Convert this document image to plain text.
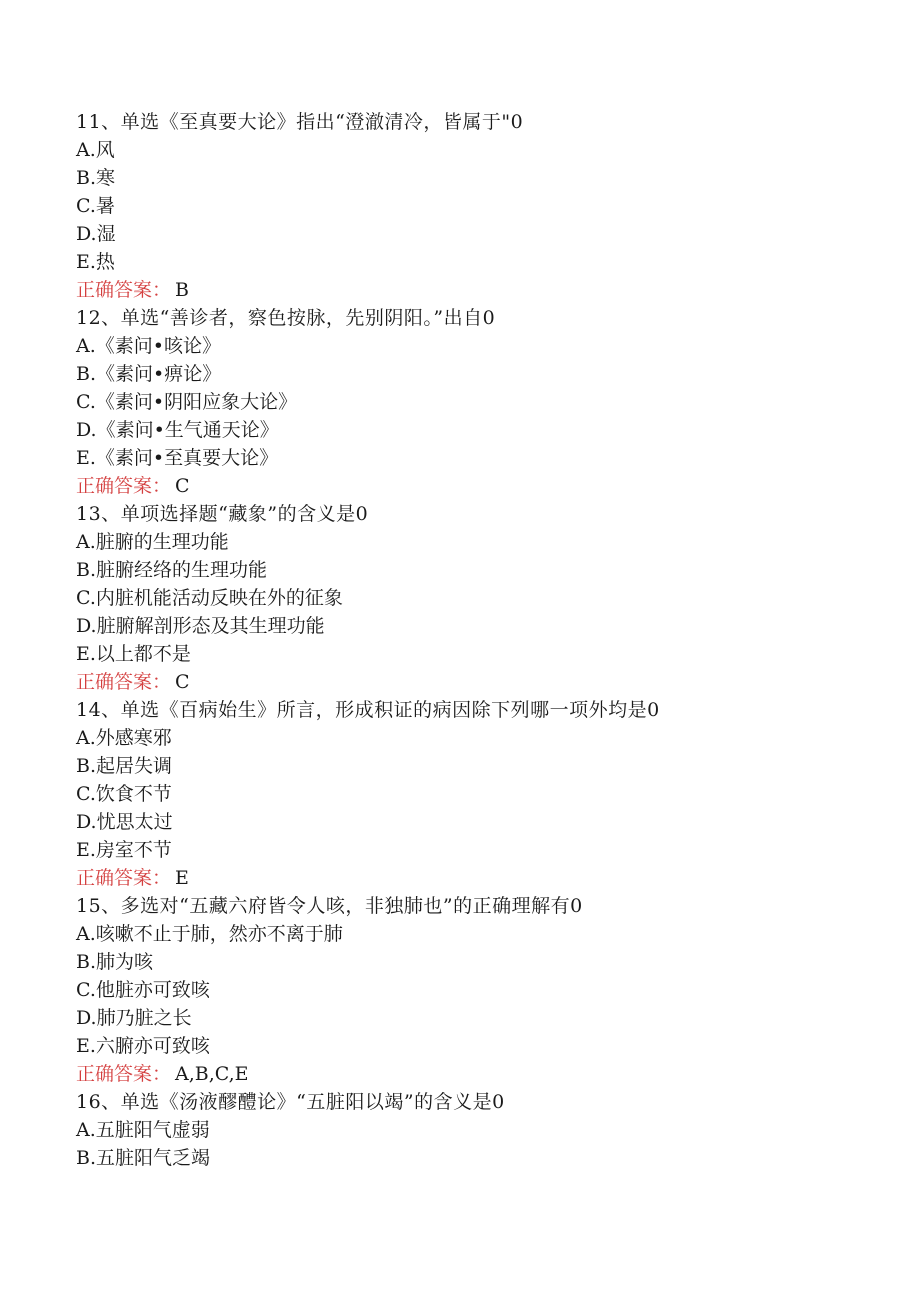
11、单选《至真要大论》指出“澄澈清冷，皆属于"0
A.风
B.寒
C.暑
D.湿
E.热
正确答案： B
12、单选“善诊者，察色按脉，先别阴阳。”出自0
A.《素问•咳论》
B.《素问•痹论》
C.《素问•阴阳应象大论》
D.《素问•生气通天论》
E.《素问•至真要大论》
正确答案： C
13、单项选择题“藏象”的含义是0
A.脏腑的生理功能
B.脏腑经络的生理功能
C.内脏机能活动反映在外的征象
D.脏腑解剖形态及其生理功能
E.以上都不是
正确答案： C
14、单选《百病始生》所言，形成积证的病因除下列哪一项外均是0
A.外感寒邪
B.起居失调
C.饮食不节
D.忧思太过
E.房室不节
正确答案： E
15、多选对“五藏六府皆令人咳，非独肺也”的正确理解有0
A.咳嗽不止于肺，然亦不离于肺
B.肺为咳
C.他脏亦可致咳
D.肺乃脏之长
E.六腑亦可致咳
正确答案： A,B,C,E
16、单选《汤液醪醴论》“五脏阳以竭”的含义是0
A.五脏阳气虚弱
B.五脏阳气乏竭
